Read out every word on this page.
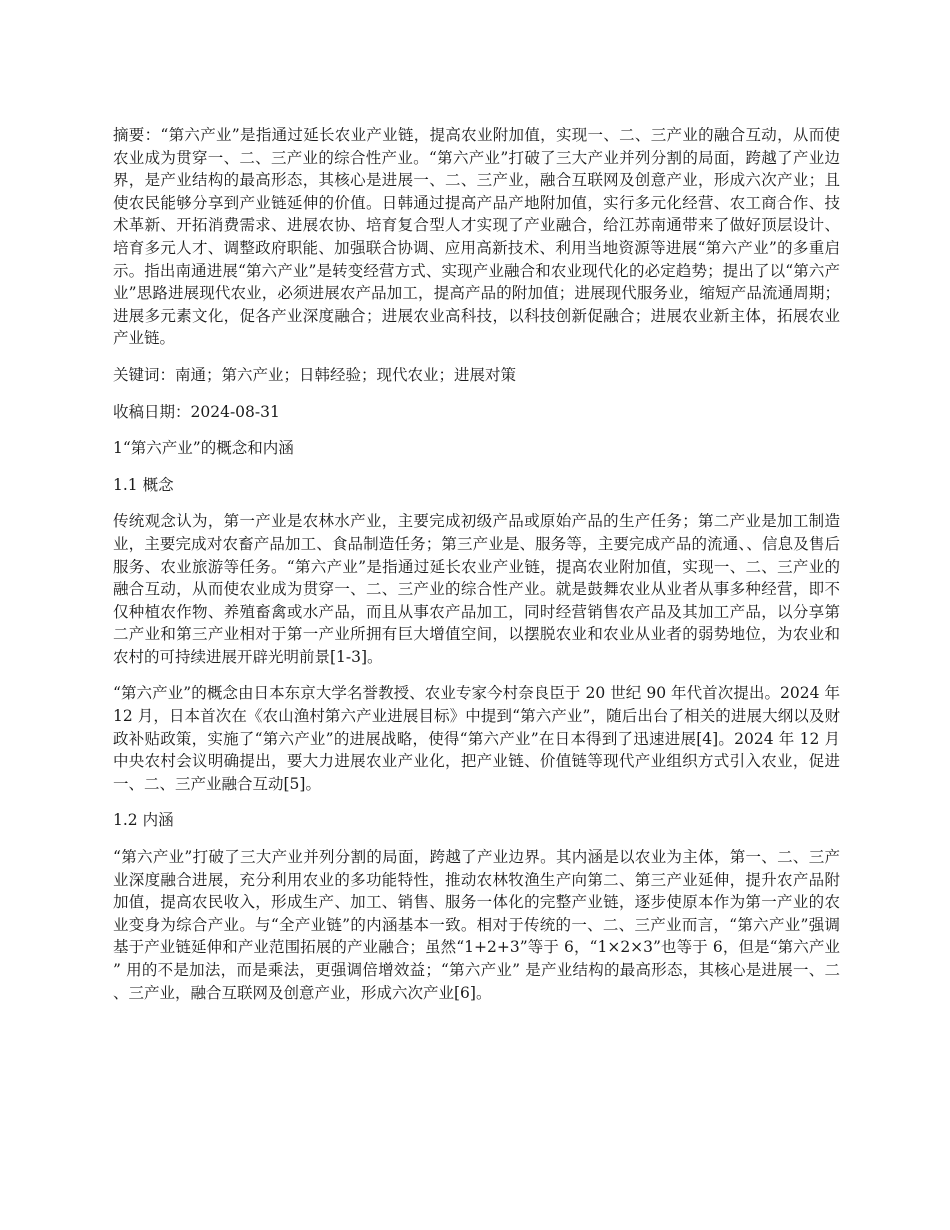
摘要：“第六产业”是指通过延长农业产业链，提高农业附加值，实现一、二、三产业的融合互动，从而使农业成为贯穿一、二、三产业的综合性产业。“第六产业”打破了三大产业并列分割的局面，跨越了产业边界，是产业结构的最高形态，其核心是进展一、二、三产业，融合互联网及创意产业，形成六次产业；且使农民能够分享到产业链延伸的价值。日韩通过提高产品产地附加值，实行多元化经营、农工商合作、技术革新、开拓消费需求、进展农协、培育复合型人才实现了产业融合，给江苏南通带来了做好顶层设计、培育多元人才、调整政府职能、加强联合协调、应用高新技术、利用当地资源等进展“第六产业”的多重启示。指出南通进展“第六产业”是转变经营方式、实现产业融合和农业现代化的必定趋势；提出了以“第六产业”思路进展现代农业，必须进展农产品加工，提高产品的附加值；进展现代服务业，缩短产品流通周期；进展多元素文化，促各产业深度融合；进展农业高科技，以科技创新促融合；进展农业新主体，拓展农业产业链。

关键词：南通；第六产业；日韩经验；现代农业；进展对策

收稿日期：2024-08-31

1“第六产业”的概念和内涵

1.1 概念

传统观念认为，第一产业是农林水产业，主要完成初级产品或原始产品的生产任务；第二产业是加工制造业，主要完成对农畜产品加工、食品制造任务；第三产业是、服务等，主要完成产品的流通、、信息及售后服务、农业旅游等任务。“第六产业”是指通过延长农业产业链，提高农业附加值，实现一、二、三产业的融合互动，从而使农业成为贯穿一、二、三产业的综合性产业。就是鼓舞农业从业者从事多种经营，即不仅种植农作物、养殖畜禽或水产品，而且从事农产品加工，同时经营销售农产品及其加工产品，以分享第二产业和第三产业相对于第一产业所拥有巨大增值空间，以摆脱农业和农业从业者的弱势地位，为农业和农村的可持续进展开辟光明前景[1-3]。

“第六产业”的概念由日本东京大学名誉教授、农业专家今村奈良臣于 20 世纪 90 年代首次提出。2024 年 12 月，日本首次在《农山渔村第六产业进展目标》中提到“第六产业”，随后出台了相关的进展大纲以及财政补贴政策，实施了“第六产业”的进展战略，使得“第六产业”在日本得到了迅速进展[4]。2024 年 12 月中央农村会议明确提出，要大力进展农业产业化，把产业链、价值链等现代产业组织方式引入农业，促进一、二、三产业融合互动[5]。

1.2 内涵

“第六产业”打破了三大产业并列分割的局面，跨越了产业边界。其内涵是以农业为主体，第一、二、三产业深度融合进展，充分利用农业的多功能特性，推动农林牧渔生产向第二、第三产业延伸，提升农产品附加值，提高农民收入，形成生产、加工、销售、服务一体化的完整产业链，逐步使原本作为第一产业的农业变身为综合产业。与“全产业链”的内涵基本一致。相对于传统的一、二、三产业而言，“第六产业”强调基于产业链延伸和产业范围拓展的产业融合；虽然“1+2+3”等于 6，“1×2×3”也等于 6，但是“第六产业” 用的不是加法，而是乘法，更强调倍增效益；“第六产业” 是产业结构的最高形态，其核心是进展一、二、三产业，融合互联网及创意产业，形成六次产业[6]。
